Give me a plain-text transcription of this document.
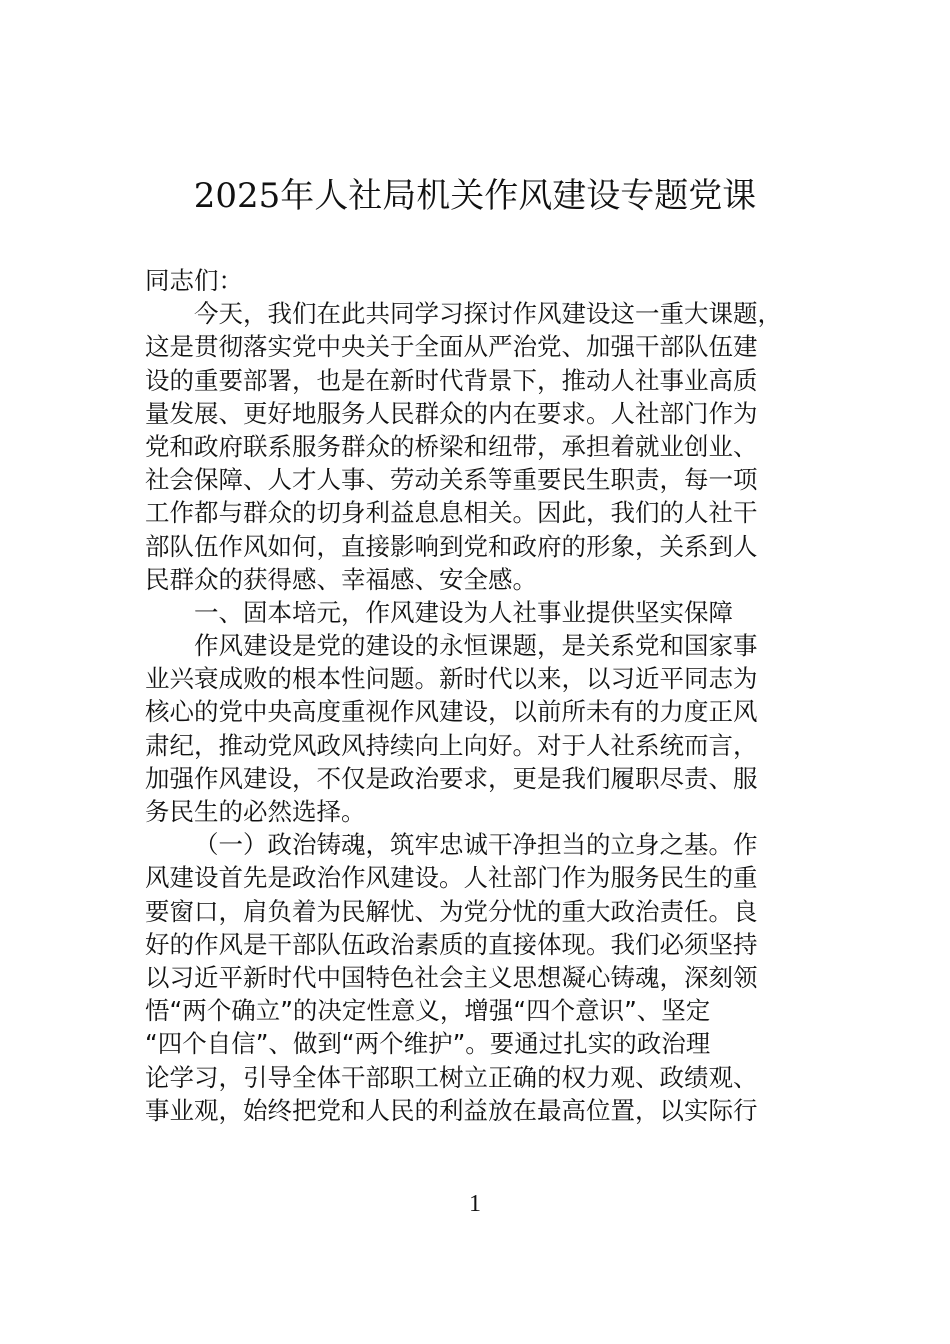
2025年人社局机关作风建设专题党课
同志们：
今天，我们在此共同学习探讨作风建设这一重大课题，
这是贯彻落实党中央关于全面从严治党、加强干部队伍建
设的重要部署，也是在新时代背景下，推动人社事业高质
量发展、更好地服务人民群众的内在要求。人社部门作为
党和政府联系服务群众的桥梁和纽带，承担着就业创业、
社会保障、人才人事、劳动关系等重要民生职责，每一项
工作都与群众的切身利益息息相关。因此，我们的人社干
部队伍作风如何，直接影响到党和政府的形象，关系到人
民群众的获得感、幸福感、安全感。
一、固本培元，作风建设为人社事业提供坚实保障
作风建设是党的建设的永恒课题，是关系党和国家事
业兴衰成败的根本性问题。新时代以来，以习近平同志为
核心的党中央高度重视作风建设，以前所未有的力度正风
肃纪，推动党风政风持续向上向好。对于人社系统而言，
加强作风建设，不仅是政治要求，更是我们履职尽责、服
务民生的必然选择。
（一）政治铸魂，筑牢忠诚干净担当的立身之基。作
风建设首先是政治作风建设。人社部门作为服务民生的重
要窗口，肩负着为民解忧、为党分忧的重大政治责任。良
好的作风是干部队伍政治素质的直接体现。我们必须坚持
以习近平新时代中国特色社会主义思想凝心铸魂，深刻领
悟“两个确立”的决定性意义，增强“四个意识”、坚定
“四个自信”、做到“两个维护”。要通过扎实的政治理
论学习，引导全体干部职工树立正确的权力观、政绩观、
事业观，始终把党和人民的利益放在最高位置，以实际行
1
